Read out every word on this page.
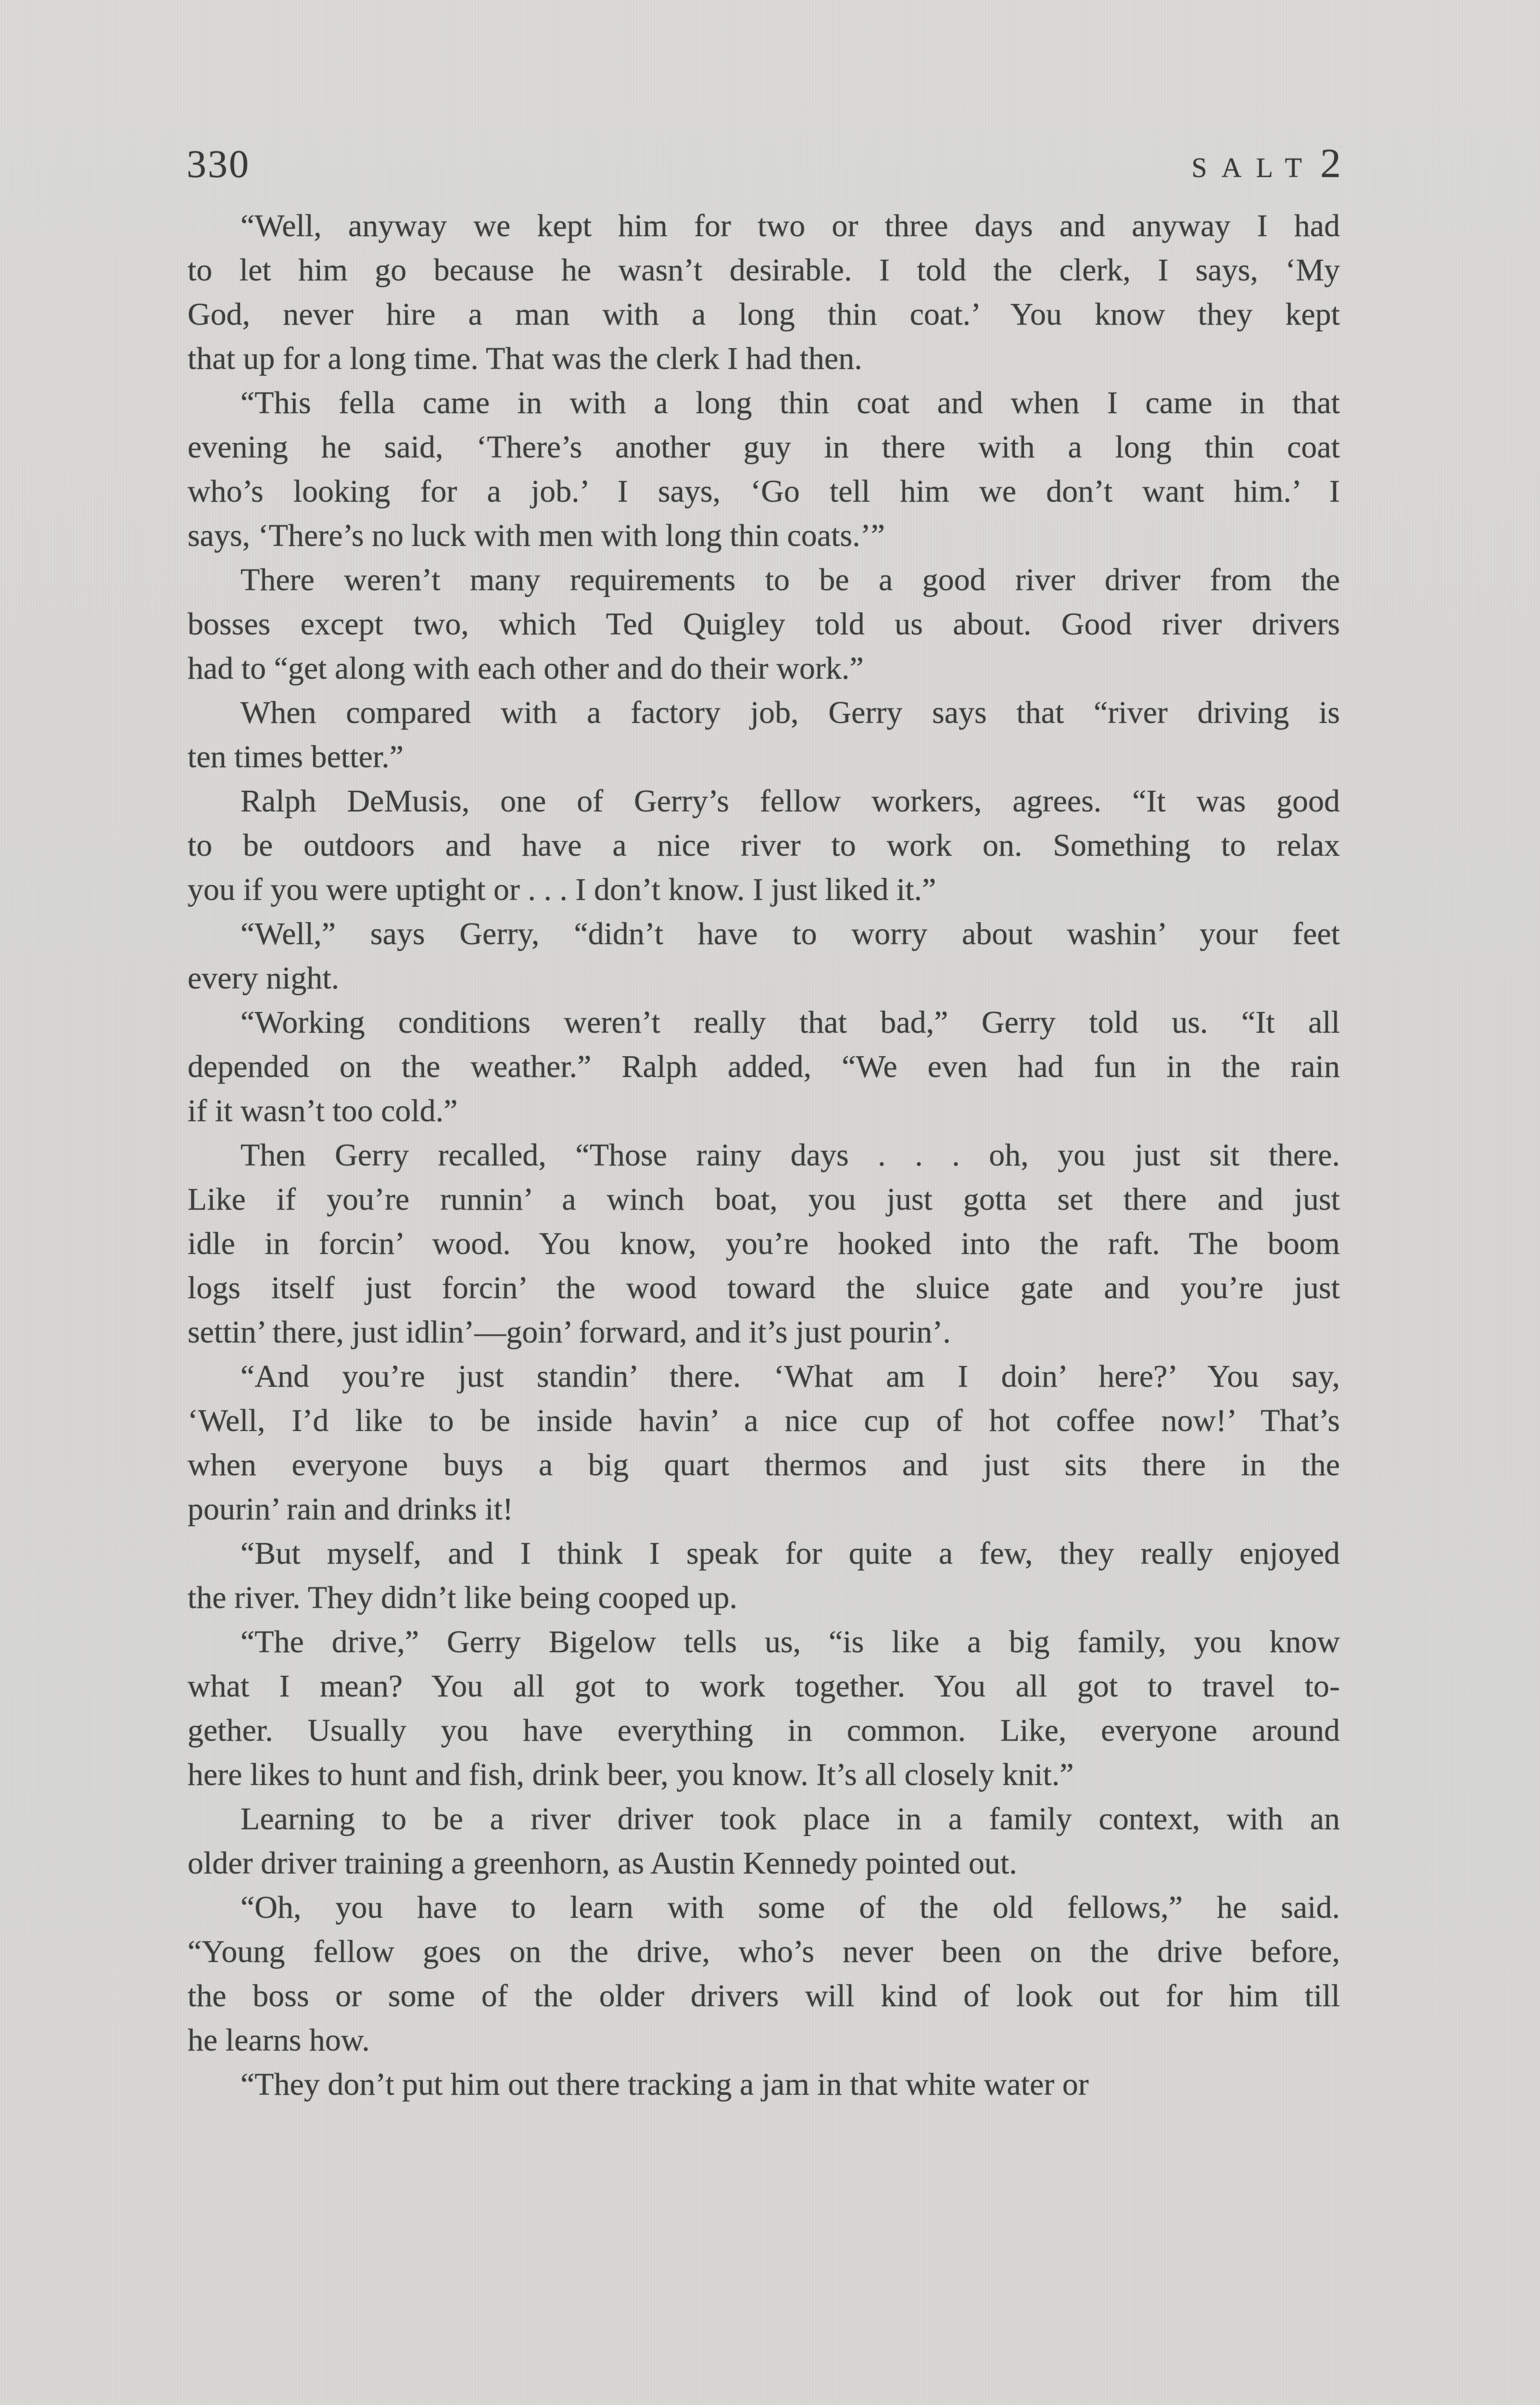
330	SALT 2

“Well, anyway we kept him for two or three days and anyway I had
to let him go because he wasn’t desirable. I told the clerk, I says, ‘My
God, never hire a man with a long thin coat.’ You know they kept
that up for a long time. That was the clerk I had then.

“This fella came in with a long thin coat and when I came in that
evening he said, ‘There’s another guy in there with a long thin coat
who’s looking for a job.’ I says, ‘Go tell him we don’t want him.’ I
says, ‘There’s no luck with men with long thin coats.’”

There weren’t many requirements to be a good river driver from the
bosses except two, which Ted Quigley told us about. Good river drivers
had to “get along with each other and do their work.”

When compared with a factory job, Gerry says that “river driving is
ten times better.”

Ralph DeMusis, one of Gerry’s fellow workers, agrees. “It was good
to be outdoors and have a nice river to work on. Something to relax
you if you were uptight or . . . I don’t know. I just liked it.”

“Well,” says Gerry, “didn’t have to worry about washin’ your feet
every night.

“Working conditions weren’t really that bad,” Gerry told us. “It all
depended on the weather.” Ralph added, “We even had fun in the rain
if it wasn’t too cold.”

Then Gerry recalled, “Those rainy days . . . oh, you just sit there.
Like if you’re runnin’ a winch boat, you just gotta set there and just
idle in forcin’ wood. You know, you’re hooked into the raft. The boom
logs itself just forcin’ the wood toward the sluice gate and you’re just
settin’ there, just idlin’—goin’ forward, and it’s just pourin’.

“And you’re just standin’ there. ‘What am I doin’ here?’ You say,
‘Well, I’d like to be inside havin’ a nice cup of hot coffee now!’ That’s
when everyone buys a big quart thermos and just sits there in the
pourin’ rain and drinks it!

“But myself, and I think I speak for quite a few, they really enjoyed
the river. They didn’t like being cooped up.

“The drive,” Gerry Bigelow tells us, “is like a big family, you know
what I mean? You all got to work together. You all got to travel to-
gether. Usually you have everything in common. Like, everyone around
here likes to hunt and fish, drink beer, you know. It’s all closely knit.”

Learning to be a river driver took place in a family context, with an
older driver training a greenhorn, as Austin Kennedy pointed out.

“Oh, you have to learn with some of the old fellows,” he said.
“Young fellow goes on the drive, who’s never been on the drive before,
the boss or some of the older drivers will kind of look out for him till
he learns how.

“They don’t put him out there tracking a jam in that white water or
